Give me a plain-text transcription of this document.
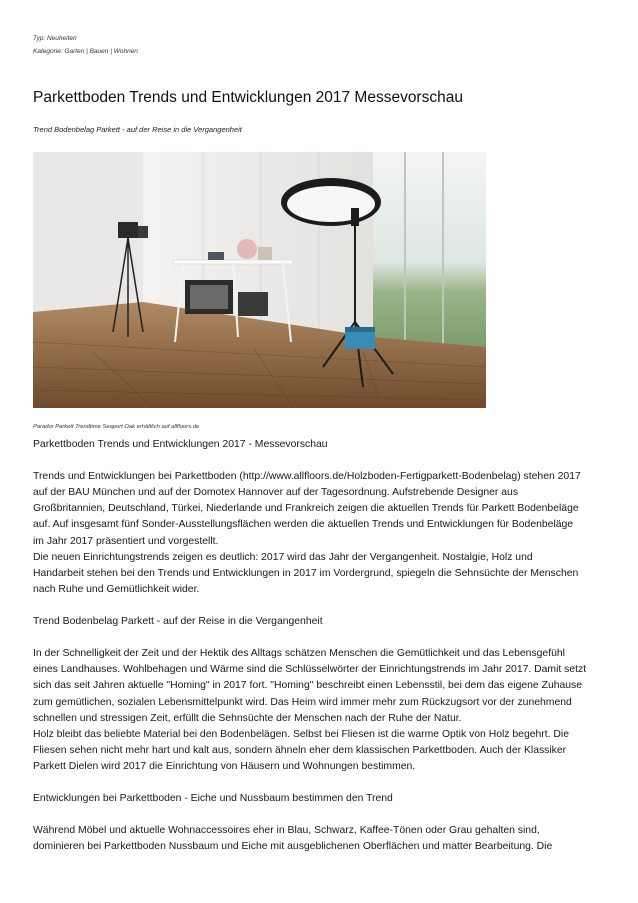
Typ: Neuheiten
Kategorie: Garten | Bauen | Wohnen
Parkettboden Trends und Entwicklungen 2017 Messevorschau
Trend Bodenbelag Parkett - auf der Reise in die Vergangenheit
Parador Parkett Trendtime Seaport Oak erhältlich auf allfloors.de

Parkettboden Trends und Entwicklungen 2017 - Messevorschau

Trends und Entwicklungen bei Parkettboden (http://www.allfloors.de/Holzboden-Fertigparkett-Bodenbelag) stehen 2017

auf der BAU München und auf der Domotex Hannover auf der Tagesordnung. Aufstrebende Designer aus

Großbritannien, Deutschland, Türkei, Niederlande und Frankreich zeigen die aktuellen Trends für Parkett Bodenbeläge

auf. Auf insgesamt fünf Sonder-Ausstellungsflächen werden die aktuellen Trends und Entwicklungen für Bodenbeläge

im Jahr 2017 präsentiert und vorgestellt.

Die neuen Einrichtungstrends zeigen es deutlich: 2017 wird das Jahr der Vergangenheit. Nostalgie, Holz und

Handarbeit stehen bei den Trends und Entwicklungen in 2017 im Vordergrund, spiegeln die Sehnsüchte der Menschen

nach Ruhe und Gemütlichkeit wider.

Trend Bodenbelag Parkett - auf der Reise in die Vergangenheit

In der Schnelligkeit der Zeit und der Hektik des Alltags schätzen Menschen die Gemütlichkeit und das Lebensgefühl

eines Landhauses. Wohlbehagen und Wärme sind die Schlüsselwörter der Einrichtungstrends im Jahr 2017. Damit setzt

sich das seit Jahren aktuelle "Homing" in 2017 fort. "Homing" beschreibt einen Lebensstil, bei dem das eigene Zuhause

zum gemütlichen, sozialen Lebensmittelpunkt wird. Das Heim wird immer mehr zum Rückzugsort vor der zunehmend

schnellen und stressigen Zeit, erfüllt die Sehnsüchte der Menschen nach der Ruhe der Natur.

Holz bleibt das beliebte Material bei den Bodenbelägen. Selbst bei Fliesen ist die warme Optik von Holz begehrt. Die

Fliesen sehen nicht mehr hart und kalt aus, sondern ähneln eher dem klassischen Parkettboden. Auch der Klassiker

Parkett Dielen wird 2017 die Einrichtung von Häusern und Wohnungen bestimmen.

Entwicklungen bei Parkettboden - Eiche und Nussbaum bestimmen den Trend

Während Möbel und aktuelle Wohnaccessoires eher in Blau, Schwarz, Kaffee-Tönen oder Grau gehalten sind,

dominieren bei Parkettboden Nussbaum und Eiche mit ausgeblichenen Oberflächen und matter Bearbeitung. Die
